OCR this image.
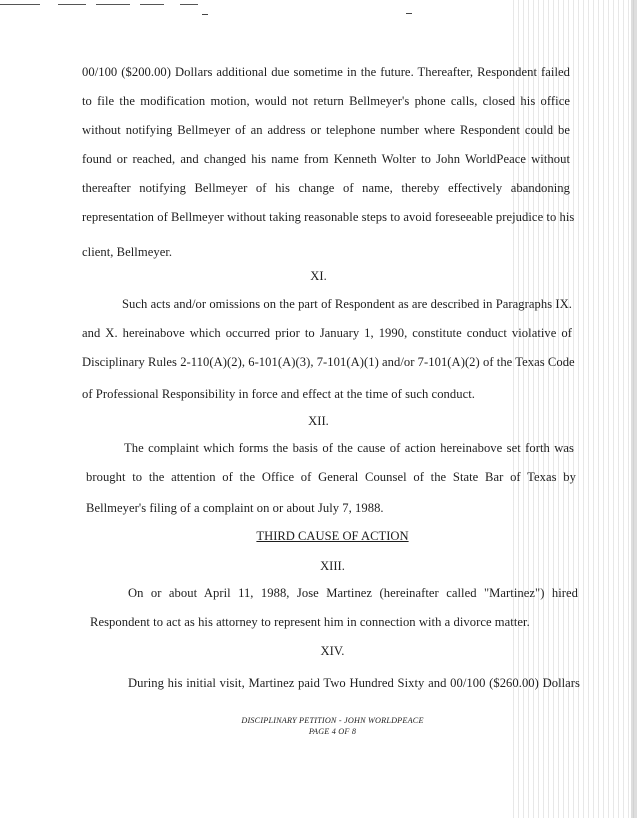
00/100 ($200.00) Dollars additional due sometime in the future. Thereafter, Respondent failed
to file the modification motion, would not return Bellmeyer's phone calls, closed his office
without notifying Bellmeyer of an address or telephone number where Respondent could be
found or reached, and changed his name from Kenneth Wolter to John WorldPeace without
thereafter notifying Bellmeyer of his change of name, thereby effectively abandoning
representation of Bellmeyer without taking reasonable steps to avoid foreseeable prejudice to his
client, Bellmeyer.
XI.
Such acts and/or omissions on the part of Respondent as are described in Paragraphs IX.
and X. hereinabove which occurred prior to January 1, 1990, constitute conduct violative of
Disciplinary Rules 2-110(A)(2), 6-101(A)(3), 7-101(A)(1) and/or 7-101(A)(2) of the Texas Code
of Professional Responsibility in force and effect at the time of such conduct.
XII.
The complaint which forms the basis of the cause of action hereinabove set forth was
brought to the attention of the Office of General Counsel of the State Bar of Texas by
Bellmeyer's filing of a complaint on or about July 7, 1988.
THIRD CAUSE OF ACTION
XIII.
On or about April 11, 1988, Jose Martinez (hereinafter called "Martinez") hired
Respondent to act as his attorney to represent him in connection with a divorce matter.
XIV.
During his initial visit, Martinez paid Two Hundred Sixty and 00/100 ($260.00) Dollars
DISCIPLINARY PETITION - JOHN WORLDPEACE
PAGE 4 OF 8
